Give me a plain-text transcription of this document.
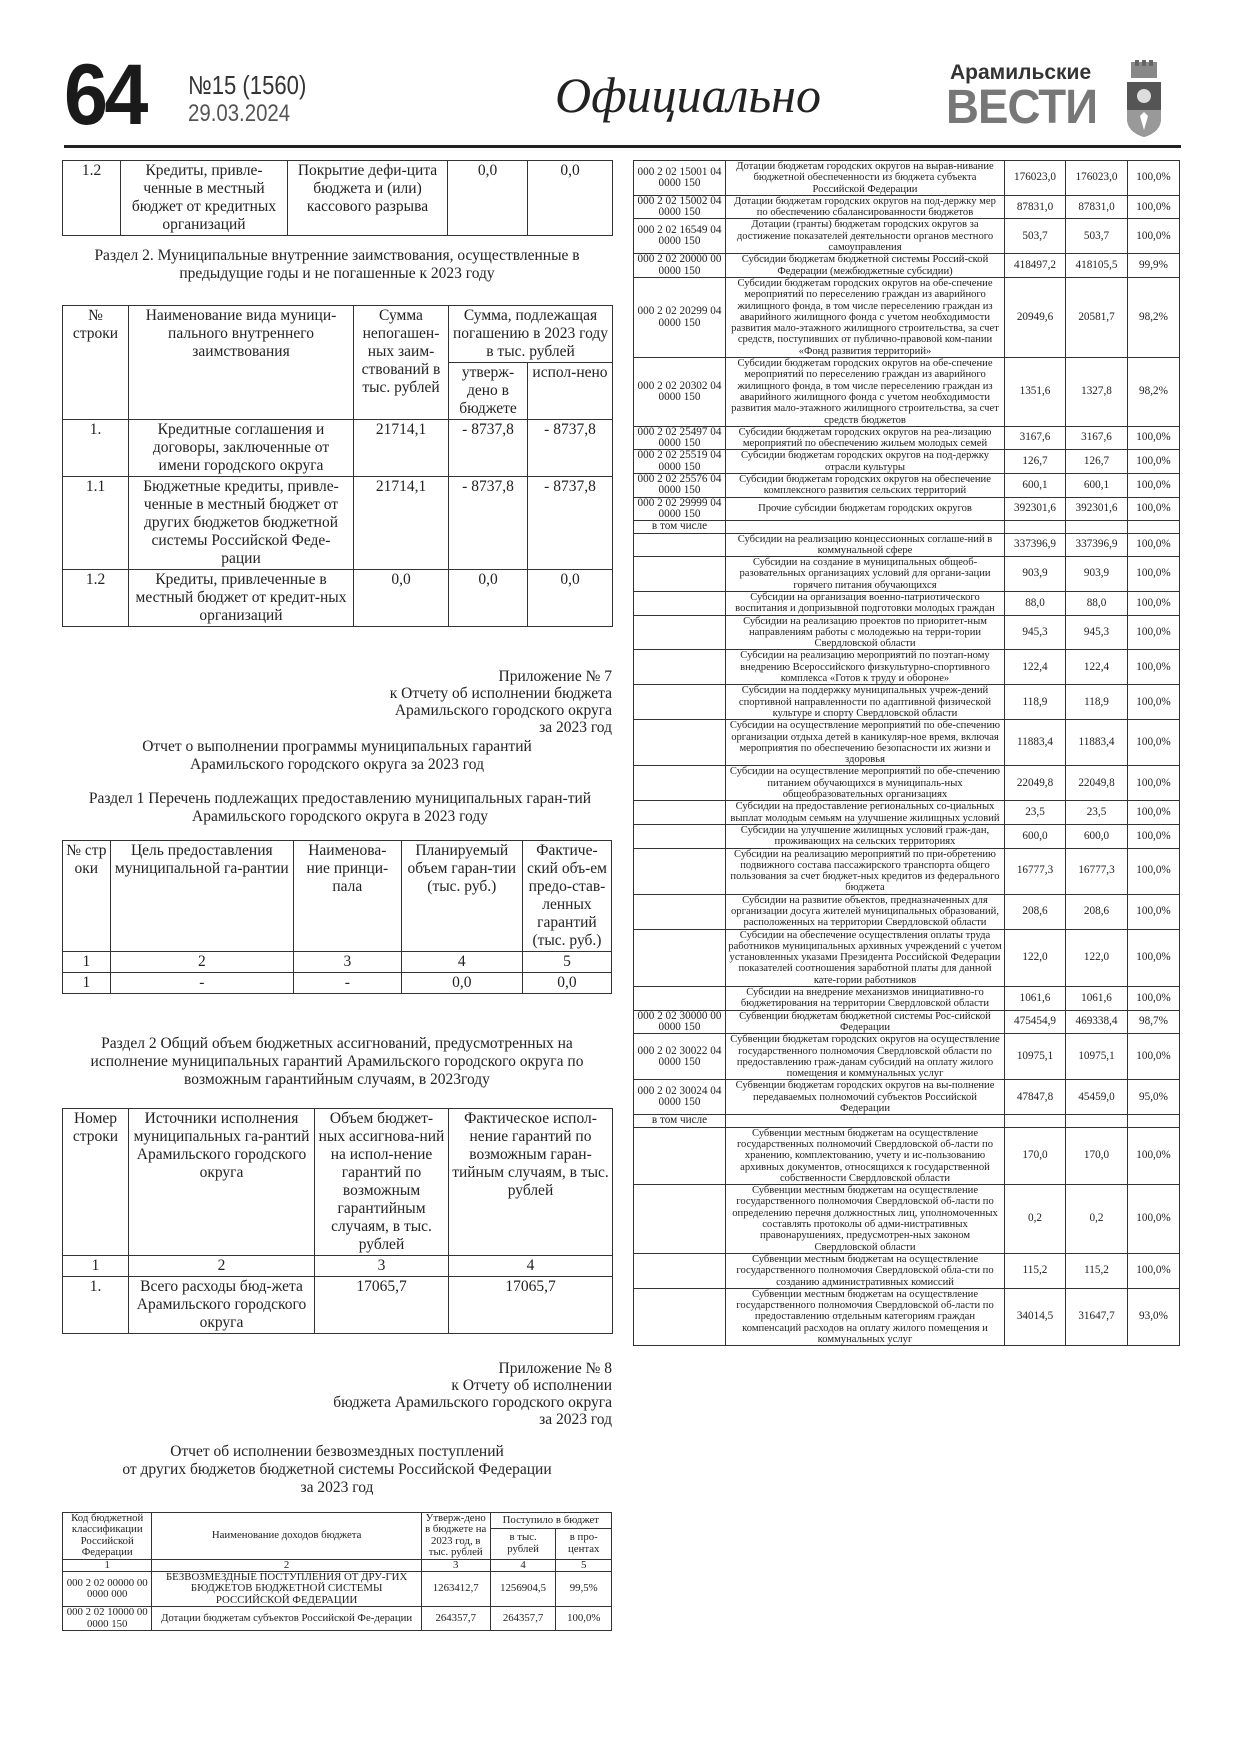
64 №15 (1560)
29.03.2024	Официально	Арамильские
ВЕСТИ
1.2	Кредиты, привле-ченные в местный бюджет от кредитных организаций	Покрытие дефи-цита бюджета и (или) кассового разрыва	0,0	0,0
Раздел 2. Муниципальные внутренние заимствования, осуществленные в предыдущие годы и не погашенные к 2023 году
№ строки	Наименование вида муници-пального внутреннего заимствования	Сумма непогашен-ных заим-ствований в тыс. рублей	Сумма, подлежащая погашению в 2023 году в тыс. рублей	
			утверж-дено в бюджете	испол-нено
1.	Кредитные соглашения и договоры, заключенные от имени городского округа	21714,1	- 8737,8	- 8737,8
1.1	Бюджетные кредиты, привле-ченные в местный бюджет от других бюджетов бюджетной системы Российской Феде-рации	21714,1	- 8737,8	- 8737,8
1.2	Кредиты, привлеченные в местный бюджет от кредит-ных организаций	0,0	0,0	0,0
Приложение № 7
к Отчету об исполнении бюджета
Арамильского городского округа
за 2023 год
Отчет о выполнении программы муниципальных гарантий
Арамильского городского округа за 2023 год
Раздел 1 Перечень подлежащих предоставлению муниципальных гаран-тий Арамильского городского округа в 2023 году
№ стр оки	Цель предоставления муниципальной га-рантии	Наименова-ние принци-пала	Планируемый объем гаран-тии (тыс. руб.)	Фактиче-ский объ-ем предо-став-ленных гарантий (тыс. руб.)
1	2	3	4	5
1	-	-	0,0	0,0
Раздел 2 Общий объем бюджетных ассигнований, предусмотренных на исполнение муниципальных гарантий Арамильского городского округа по возможным гарантийным случаям, в 2023году
Номер строки	Источники исполнения муниципальных га-рантий Арамильского городского округа	Объем бюджет-ных ассигнова-ний на испол-нение гарантий по возможным гарантийным случаям, в тыс. рублей	Фактическое испол-нение гарантий по возможным гаран-тийным случаям, в тыс. рублей
1	2	3	4
1.	Всего расходы бюд-жета Арамильского городского округа	17065,7	17065,7
Приложение № 8
к Отчету об исполнении
бюджета Арамильского городского округа
за 2023 год
Отчет об исполнении безвозмездных поступлений
от других бюджетов бюджетной системы Российской Федерации
за 2023 год
Код бюджетной классификации Российской Федерации	Наименование доходов бюджета	Утверж-дено в бюджете на 2023 год, в тыс. рублей	Поступило в бюджет	
			в тыс. рублей	в про-центах
1	2	3	4	5
000 2 02 00000 00 0000 000	БЕЗВОЗМЕЗДНЫЕ ПОСТУПЛЕНИЯ ОТ ДРУ-ГИХ БЮДЖЕТОВ БЮДЖЕТНОЙ СИСТЕМЫ РОССИЙСКОЙ ФЕДЕРАЦИИ	1263412,7	1256904,5	99,5%
000 2 02 10000 00 0000 150	Дотации бюджетам субъектов Российской Фе-дерации	264357,7	264357,7	100,0%
000 2 02 15001 04 0000 150	Дотации бюджетам городских округов на вырав-нивание бюджетной обеспеченности из бюджета субъекта Российской Федерации	176023,0	176023,0	100,0%
000 2 02 15002 04 0000 150	Дотации бюджетам городских округов на под-держку мер по обеспечению сбалансированности бюджетов	87831,0	87831,0	100,0%
000 2 02 16549 04 0000 150	Дотации (гранты) бюджетам городских округов за достижение показателей деятельности органов местного самоуправления	503,7	503,7	100,0%
000 2 02 20000 00 0000 150	Субсидии бюджетам бюджетной системы Россий-ской Федерации (межбюджетные субсидии)	418497,2	418105,5	99,9%
000 2 02 20299 04 0000 150	Субсидии бюджетам городских округов на обе-спечение мероприятий по переселению граждан из аварийного жилищного фонда, в том числе переселению граждан из аварийного жилищного фонда с учетом необходимости развития мало-этажного жилищного строительства, за счет средств, поступивших от публично-правовой ком-пании «Фонд развития территорий»	20949,6	20581,7	98,2%
000 2 02 20302 04 0000 150	Субсидии бюджетам городских округов на обе-спечение мероприятий по переселению граждан из аварийного жилищного фонда, в том числе переселению граждан из аварийного жилищного фонда с учетом необходимости развития мало-этажного жилищного строительства, за счет средств бюджетов	1351,6	1327,8	98,2%
000 2 02 25497 04 0000 150	Субсидии бюджетам городских округов на реа-лизацию мероприятий по обеспечению жильем молодых семей	3167,6	3167,6	100,0%
000 2 02 25519 04 0000 150	Субсидии бюджетам городских округов на под-держку отрасли культуры	126,7	126,7	100,0%
000 2 02 25576 04 0000 150	Субсидии бюджетам городских округов на обеспечение комплексного развития сельских территорий	600,1	600,1	100,0%
000 2 02 29999 04 0000 150	Прочие субсидии бюджетам городских округов	392301,6	392301,6	100,0%
в том числе				
	Субсидии на реализацию концессионных соглаше-ний в коммунальной сфере	337396,9	337396,9	100,0%
	Субсидии на создание в муниципальных общеоб-разовательных организациях условий для органи-зации горячего питания обучающихся	903,9	903,9	100,0%
	Субсидии на организация военно-патриотического воспитания и допризывной подготовки молодых граждан	88,0	88,0	100,0%
	Субсидии на реализацию проектов по приоритет-ным направлениям работы с молодежью на терри-тории Свердловской области	945,3	945,3	100,0%
	Субсидии на реализацию мероприятий по поэтап-ному внедрению Всероссийского физкультурно-спортивного комплекса «Готов к труду и обороне»	122,4	122,4	100,0%
	Субсидии на поддержку муниципальных учреж-дений спортивной направленности по адаптивной физической культуре и спорту Свердловской области	118,9	118,9	100,0%
	Субсидии на осуществление мероприятий по обе-спечению организации отдыха детей в каникуляр-ное время, включая мероприятия по обеспечению безопасности их жизни и здоровья	11883,4	11883,4	100,0%
	Субсидии на осуществление мероприятий по обе-спечению питанием обучающихся в муниципаль-ных общеобразовательных организациях	22049,8	22049,8	100,0%
	Субсидии на предоставление региональных со-циальных выплат молодым семьям на улучшение жилищных условий	23,5	23,5	100,0%
	Субсидии на улучшение жилищных условий граж-дан, проживающих на сельских территориях	600,0	600,0	100,0%
	Субсидии на реализацию мероприятий по при-обретению подвижного состава пассажирского транспорта общего пользования за счет бюджет-ных кредитов из федерального бюджета	16777,3	16777,3	100,0%
	Субсидии на развитие объектов, предназначенных для организации досуга жителей муниципальных образований, расположенных на территории Свердловской области	208,6	208,6	100,0%
	Субсидии на обеспечение осуществления оплаты труда работников муниципальных архивных учреждений с учетом установленных указами Президента Российской Федерации показателей соотношения заработной платы для данной кате-гории работников	122,0	122,0	100,0%
	Субсидии на внедрение механизмов инициативно-го бюджетирования на территории Свердловской области	1061,6	1061,6	100,0%
000 2 02 30000 00 0000 150	Субвенции бюджетам бюджетной системы Рос-сийской Федерации	475454,9	469338,4	98,7%
000 2 02 30022 04 0000 150	Субвенции бюджетам городских округов на осуществление государственного полномочия Свердловской области по предоставлению граж-данам субсидий на оплату жилого помещения и коммунальных услуг	10975,1	10975,1	100,0%
000 2 02 30024 04 0000 150	Субвенции бюджетам городских округов на вы-полнение передаваемых полномочий субъектов Российской Федерации	47847,8	45459,0	95,0%
в том числе				
	Субвенции местным бюджетам на осуществление государственных полномочий Свердловской об-ласти по хранению, комплектованию, учету и ис-пользованию архивных документов, относящихся к государственной собственности Свердловской области	170,0	170,0	100,0%
	Субвенции местным бюджетам на осуществление государственного полномочия Свердловской об-ласти по определению перечня должностных лиц, уполномоченных составлять протоколы об адми-нистративных правонарушениях, предусмотрен-ных законом Свердловской области	0,2	0,2	100,0%
	Субвенции местным бюджетам на осуществление государственного полномочия Свердловской обла-сти по созданию административных комиссий	115,2	115,2	100,0%
	Субвенции местным бюджетам на осуществление государственного полномочия Свердловской об-ласти по предоставлению отдельным категориям граждан компенсаций расходов на оплату жилого помещения и коммунальных услуг	34014,5	31647,7	93,0%
